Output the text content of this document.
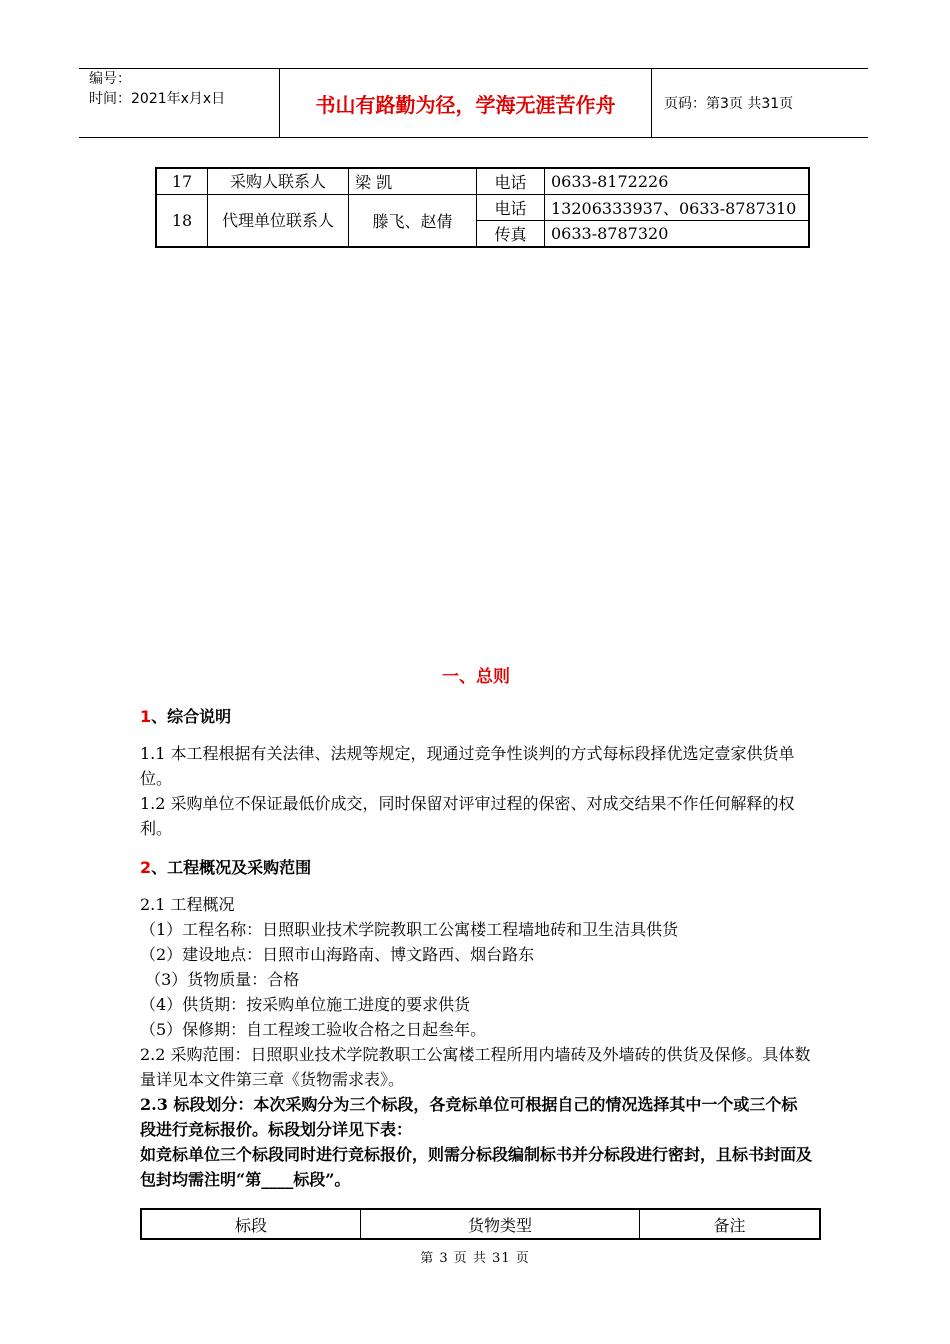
编号：
时间：2021年x月x日	书山有路勤为径，学海无涯苦作舟	页码：第3页 共31页
17	采购人联系人	梁 凯	电话	0633-8172226
18	代理单位联系人	滕飞、赵倩	电话	13206333937、0633-8787310
			传真	0633-8787320
一、总则
1、综合说明

1.1 本工程根据有关法律、法规等规定，现通过竞争性谈判的方式每标段择优选定壹家供货单位。

1.2 采购单位不保证最低价成交，同时保留对评审过程的保密、对成交结果不作任何解释的权利。

2、工程概况及采购范围

2.1 工程概况

（1）工程名称：日照职业技术学院教职工公寓楼工程墙地砖和卫生洁具供货

（2）建设地点：日照市山海路南、博文路西、烟台路东

（3）货物质量：合格

（4）供货期：按采购单位施工进度的要求供货

（5）保修期：自工程竣工验收合格之日起叁年。

2.2 采购范围：日照职业技术学院教职工公寓楼工程所用内墙砖及外墙砖的供货及保修。具体数量详见本文件第三章《货物需求表》。

2.3 标段划分：本次采购分为三个标段，各竞标单位可根据自己的情况选择其中一个或三个标段进行竞标报价。标段划分详见下表：

如竞标单位三个标段同时进行竞标报价，则需分标段编制标书并分标段进行密封，且标书封面及包封均需注明“第____标段”。

标段	货物类型	备注
第 3 页 共 31 页
